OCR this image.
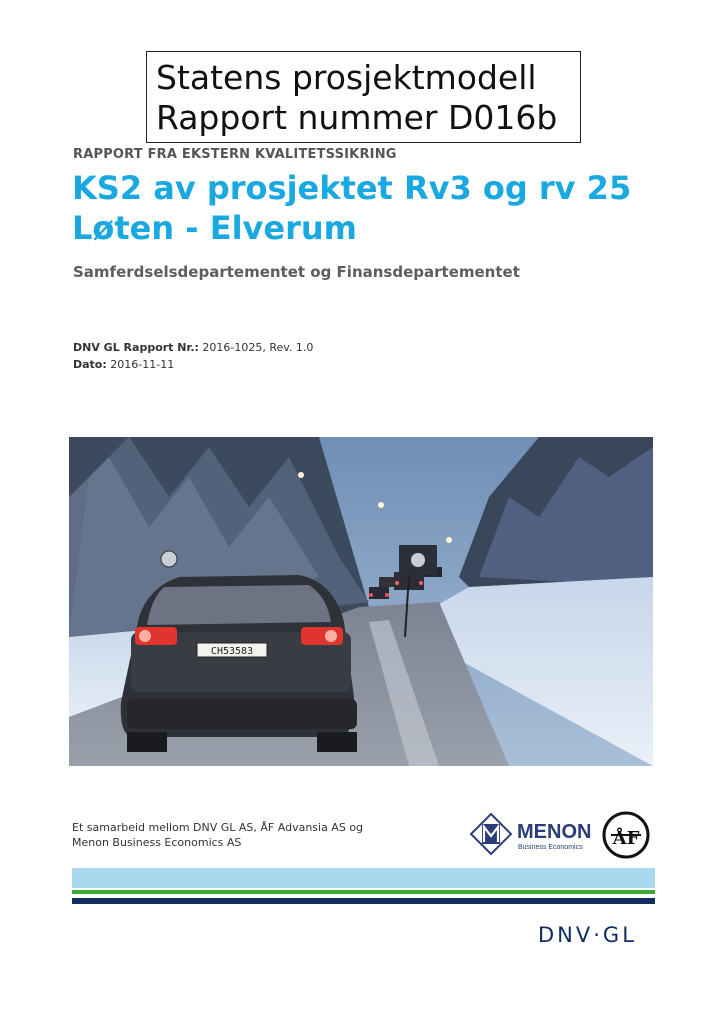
Statens prosjektmodell
Rapport nummer D016b
RAPPORT FRA EKSTERN KVALITETSSIKRING
KS2 av prosjektet Rv3 og rv 25 Løten - Elverum
Samferdselsdepartementet og Finansdepartementet
DNV GL Rapport Nr.: 2016-1025, Rev. 1.0
Dato: 2016-11-11
CH53583
Et samarbeid mellom DNV GL AS, ÅF Advansia AS og
Menon Business Economics AS	MENON
Business Economics ÅF
DNV·GL
